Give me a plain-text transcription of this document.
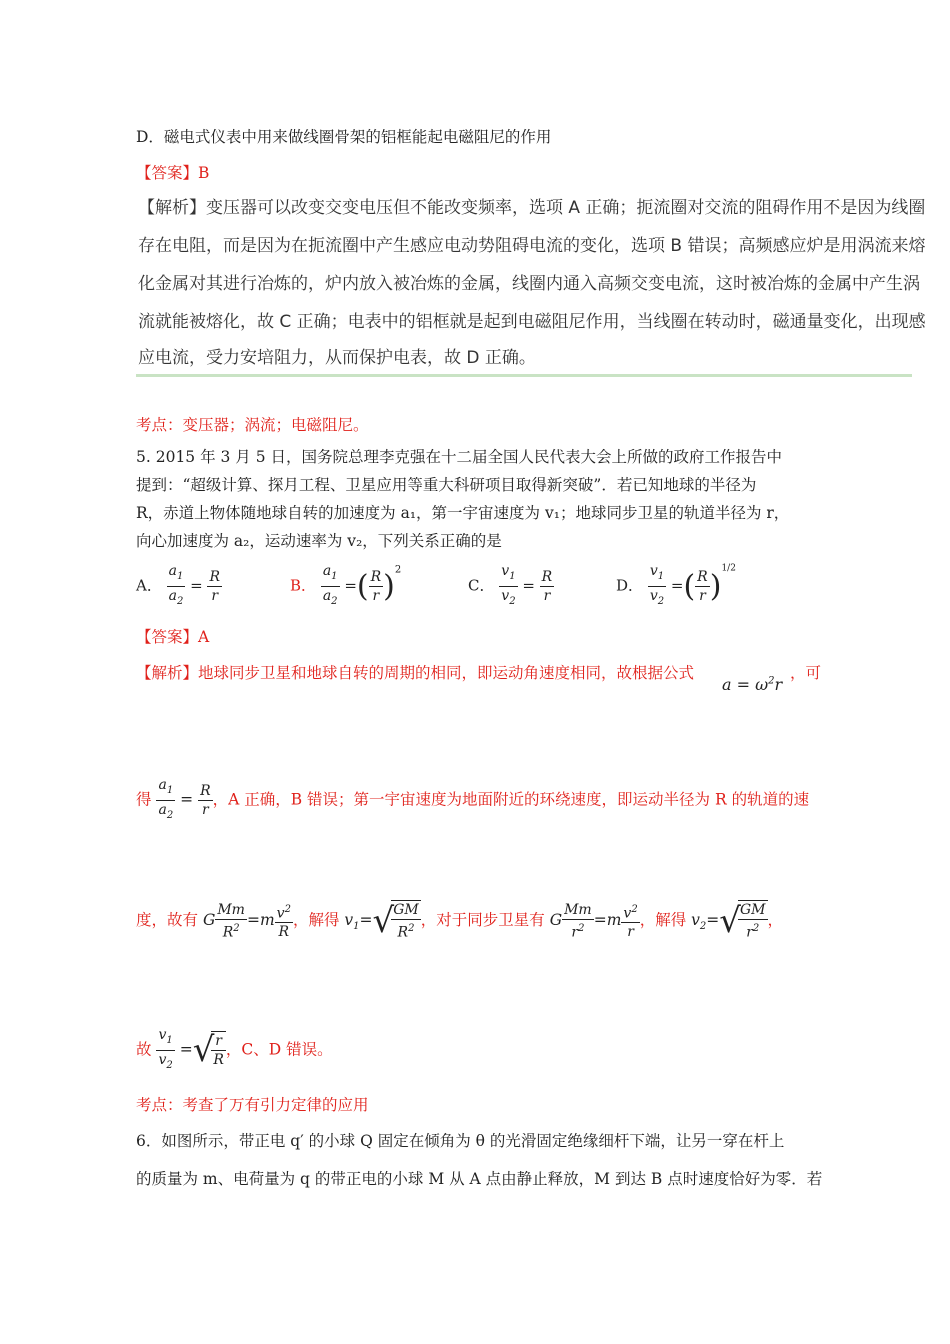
D．磁电式仪表中用来做线圈骨架的铝框能起电磁阻尼的作用
【答案】B
【解析】变压器可以改变交变电压但不能改变频率，选项 A 正确；扼流圈对交流的阻碍作用不是因为线圈
存在电阻，而是因为在扼流圈中产生感应电动势阻碍电流的变化，选项 B 错误；高频感应炉是用涡流来熔
化金属对其进行冶炼的，炉内放入被冶炼的金属，线圈内通入高频交变电流，这时被冶炼的金属中产生涡
流就能被熔化，故 C 正确；电表中的铝框就是起到电磁阻尼作用，当线圈在转动时，磁通量变化，出现感
应电流，受力安培阻力，从而保护电表，故 D 正确。
考点：变压器；涡流；电磁阻尼。
5. 2015 年 3 月 5 日，国务院总理李克强在十二届全国人民代表大会上所做的政府工作报告中
提到：“超级计算、探月工程、卫星应用等重大科研项目取得新突破”．若已知地球的半径为
R，赤道上物体随地球自转的加速度为 a₁，第一宇宙速度为 v₁；地球同步卫星的轨道半径为 r，
向心加速度为 a₂，运动速率为 v₂，下列关系正确的是
A． $\frac{a_1}{a_2} = \frac{R}{r}$	B． $\frac{a_1}{a_2}$ =( $\frac{R}{r} )^2$
C． $\frac{v_1}{v_2} = \frac{R}{r}$	D． $\frac{v_1}{v_2}$ =( $\frac{R}{r} )^{1/2}$
【答案】A
【解析】地球同步卫星和地球自转的周期的相同，即运动角速度相同，故根据公式
$a = \omega^2r$
，可
得 $\frac{a_1}{a_2} = \frac{R}{r}$ ，A 正确，B 错误；第一宇宙速度为地面附近的环绕速度，即运动半径为 R 的轨道的速
度，故有 G $\frac{Mm}{R^2} =m \frac{v^2}{R}$ ，解得 $v_1=√$
$\frac{GM}{R^2}$ ，对于同步卫星有 G $\frac{Mm}{r^2} =m \frac{v^2}{r}$ ，解得 $v_2=√$
$\frac{GM}{r^2}$ ，
故 $\frac{v_1}{v_2}$ =√
$\frac{r}{R}$ ，C、D 错误。
考点：考查了万有引力定律的应用
6．如图所示，带正电 q′ 的小球 Q 固定在倾角为 θ 的光滑固定绝缘细杆下端，让另一穿在杆上
的质量为 m、电荷量为 q 的带正电的小球 M 从 A 点由静止释放，M 到达 B 点时速度恰好为零．若
